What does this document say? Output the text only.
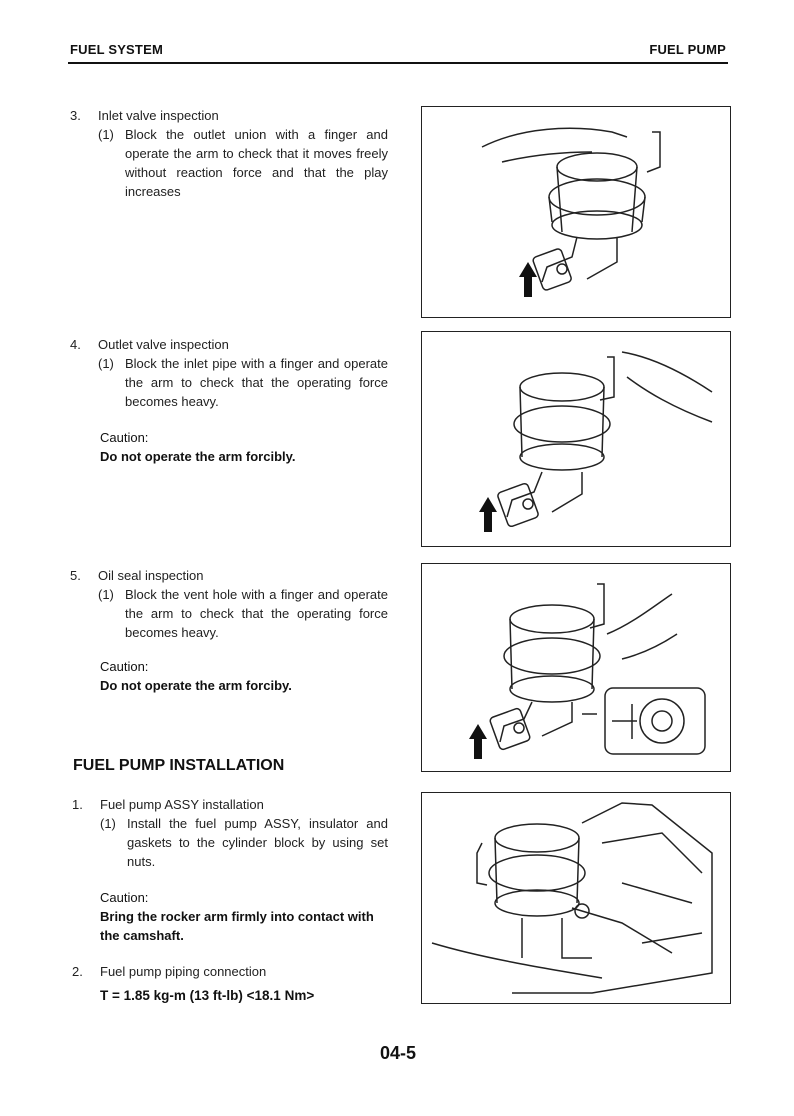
FUEL SYSTEM	FUEL PUMP
3.	Inlet valve inspection
(1) Block the outlet union with a finger and operate the arm to check that it moves freely without reaction force and that the play increases
4.	Outlet valve inspection
(1) Block the inlet pipe with a finger and operate the arm to check that the operating force becomes heavy.
Caution:
Do not operate the arm forcibly.
5.	Oil seal inspection
(1) Block the vent hole with a finger and operate the arm to check that the operating force becomes heavy.
Caution:
Do not operate the arm forciby.
FUEL PUMP INSTALLATION
1.	Fuel pump ASSY installation
(1) Install the fuel pump ASSY, insulator and gaskets to the cylinder block by using set nuts.
Caution:
Bring the rocker arm firmly into contact with the camshaft.
2.	Fuel pump piping connection
T = 1.85 kg-m (13 ft-lb) <18.1 Nm>
04-5
